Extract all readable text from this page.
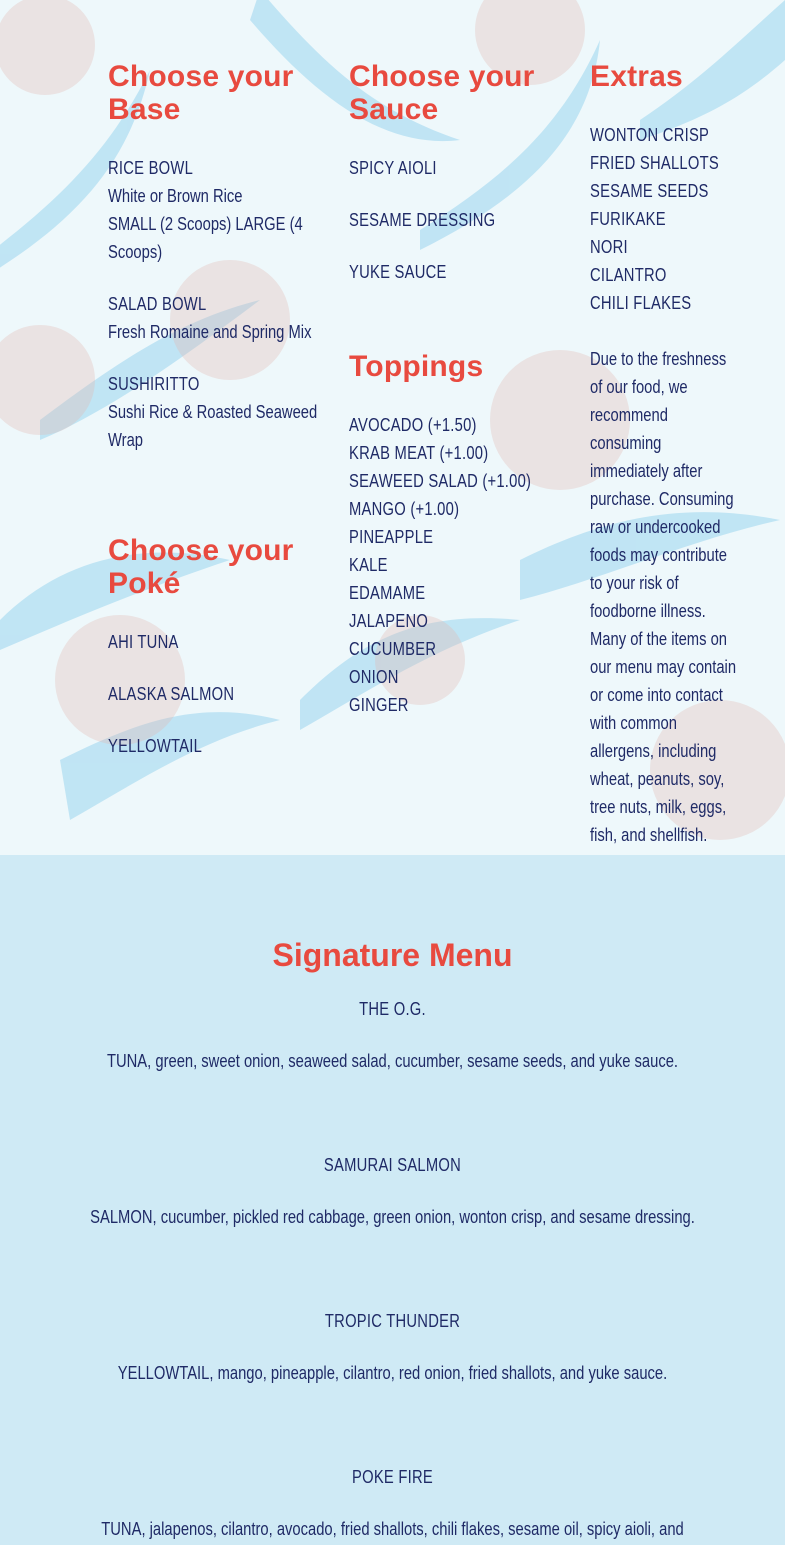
Choose your Base
RICE BOWL
White or Brown Rice
SMALL (2 Scoops) LARGE (4 Scoops)
SALAD BOWL
Fresh Romaine and Spring Mix
SUSHIRITTO
Sushi Rice & Roasted Seaweed Wrap
Choose your Poké
AHI TUNA
ALASKA SALMON
YELLOWTAIL
Choose your Sauce
SPICY AIOLI
SESAME DRESSING
YUKE SAUCE
Toppings
AVOCADO (+1.50)
KRAB MEAT (+1.00)
SEAWEED SALAD (+1.00)
MANGO (+1.00)
PINEAPPLE
KALE
EDAMAME
JALAPENO
CUCUMBER
ONION
GINGER
Extras
WONTON CRISP
FRIED SHALLOTS
SESAME SEEDS
FURIKAKE
NORI
CILANTRO
CHILI FLAKES
Due to the freshness of our food, we recommend consuming immediately after purchase. Consuming raw or undercooked foods may contribute to your risk of foodborne illness. Many of the items on our menu may contain or come into contact with common allergens, including wheat, peanuts, soy, tree nuts, milk, eggs, fish, and shellfish.
Signature Menu
THE O.G.
TUNA, green, sweet onion, seaweed salad, cucumber, sesame seeds, and yuke sauce.
SAMURAI SALMON
SALMON, cucumber, pickled red cabbage, green onion, wonton crisp, and sesame dressing.
TROPIC THUNDER
YELLOWTAIL, mango, pineapple, cilantro, red onion, fried shallots, and yuke sauce.
POKE FIRE
TUNA, jalapenos, cilantro, avocado, fried shallots, chili flakes, sesame oil, spicy aioli, and
